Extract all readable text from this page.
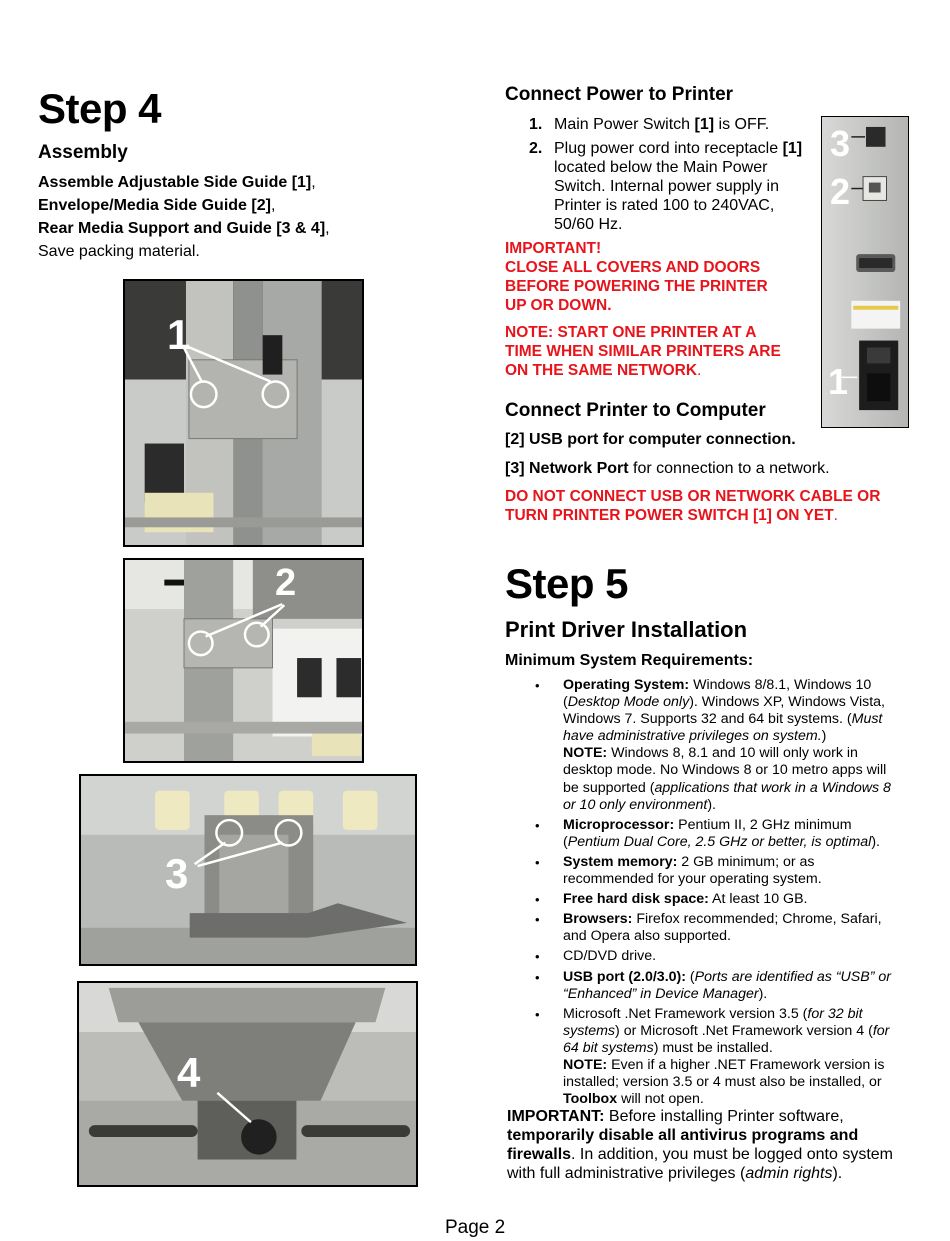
Step 4
Assembly
Assemble Adjustable Side Guide [1],
Envelope/Media Side Guide [2],
Rear Media Support and Guide [3 & 4],
Save packing material.
1
2
3
4
Connect Power to Printer
1. Main Power Switch [1] is OFF.
2. Plug power cord into receptacle [1] located below the Main Power Switch. Internal power supply in Printer is rated 100 to 240VAC, 50/60 Hz.
IMPORTANT!
CLOSE ALL COVERS AND DOORS
BEFORE POWERING THE PRINTER
UP OR DOWN.
NOTE: START ONE PRINTER AT A
TIME WHEN SIMILAR PRINTERS ARE
ON THE SAME NETWORK.
3
2
1
Connect Printer to Computer
[2] USB port for computer connection.
[3] Network Port for connection to a network.
DO NOT CONNECT USB OR NETWORK CABLE OR
TURN PRINTER POWER SWITCH [1] ON YET.
Step 5
Print Driver Installation
Minimum System Requirements:
• Operating System: Windows 8/8.1, Windows 10 (Desktop Mode only). Windows XP, Windows Vista, Windows 7. Supports 32 and 64 bit systems. (Must have administrative privileges on system.)
NOTE: Windows 8, 8.1 and 10 will only work in desktop mode. No Windows 8 or 10 metro apps will be supported (applications that work in a Windows 8 or 10 only environment).
• Microprocessor: Pentium II, 2 GHz minimum (Pentium Dual Core, 2.5 GHz or better, is optimal).
• System memory: 2 GB minimum; or as recommended for your operating system.
• Free hard disk space: At least 10 GB.
• Browsers: Firefox recommended; Chrome, Safari, and Opera also supported.
• CD/DVD drive.
• USB port (2.0/3.0): (Ports are identified as “USB” or “Enhanced” in Device Manager).
• Microsoft .Net Framework version 3.5 (for 32 bit systems) or Microsoft .Net Framework version 4 (for 64 bit systems) must be installed.
NOTE: Even if a higher .NET Framework version is installed; version 3.5 or 4 must also be installed, or Toolbox will not open.
IMPORTANT: Before installing Printer software, temporarily disable all antivirus programs and firewalls. In addition, you must be logged onto system with full administrative privileges (admin rights).
Page 2
